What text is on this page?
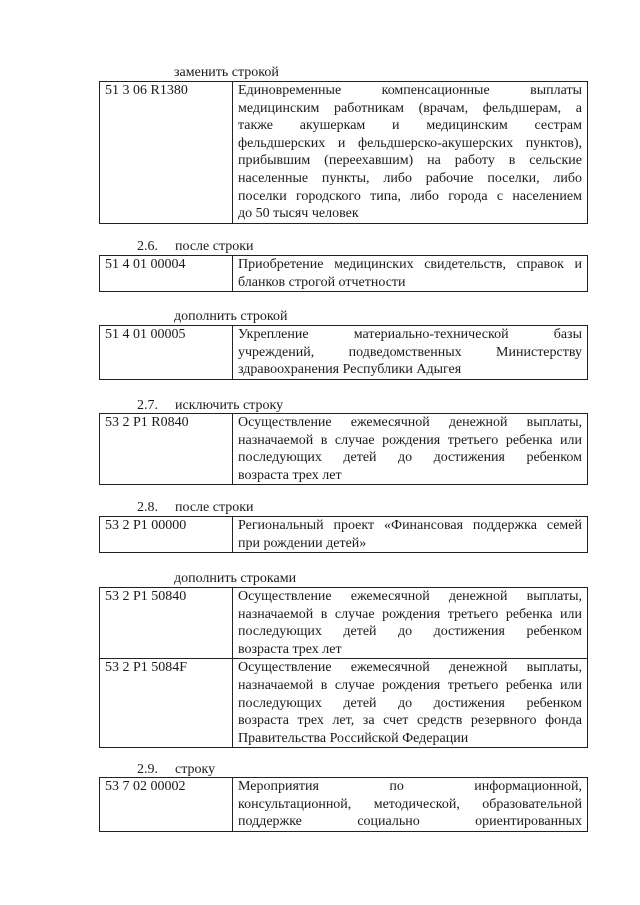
заменить строкой
51 3 06 R1380	Единовременные компенсационные выплаты
медицинским работникам (врачам, фельдшерам, а
также акушеркам и медицинским сестрам
фельдшерских и фельдшерско-акушерских пунктов),
прибывшим (переехавшим) на работу в сельские
населенные пункты, либо рабочие поселки, либо
поселки городского типа, либо города с населением
до 50 тысяч человек
2.6. после строки
51 4 01 00004	Приобретение медицинских свидетельств, справок и
бланков строгой отчетности
дополнить строкой
51 4 01 00005	Укрепление материально-технической базы
учреждений, подведомственных Министерству
здравоохранения Республики Адыгея
2.7. исключить строку
53 2 P1 R0840	Осуществление ежемесячной денежной выплаты,
назначаемой в случае рождения третьего ребенка или
последующих детей до достижения ребенком
возраста трех лет
2.8. после строки
53 2 P1 00000	Региональный проект «Финансовая поддержка семей
при рождении детей»
дополнить строками
53 2 P1 50840	Осуществление ежемесячной денежной выплаты,
назначаемой в случае рождения третьего ребенка или
последующих детей до достижения ребенком
возраста трех лет

53 2 P1 5084F	Осуществление ежемесячной денежной выплаты,
назначаемой в случае рождения третьего ребенка или
последующих детей до достижения ребенком
возраста трех лет, за счет средств резервного фонда
Правительства Российской Федерации
2.9. строку
53 7 02 00002	Мероприятия по информационной,
консультационной, методической, образовательной
поддержке социально ориентированных
